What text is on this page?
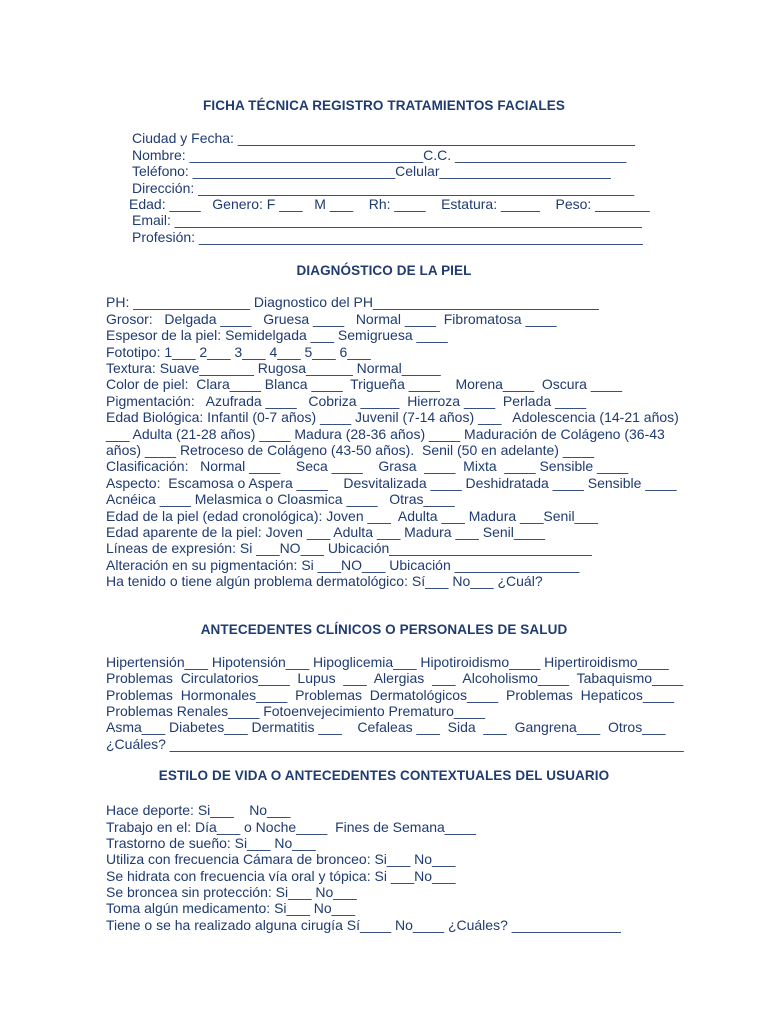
FICHA TÉCNICA REGISTRO TRATAMIENTOS FACIALES
Ciudad y Fecha: ___________________________________________________
Nombre: ______________________________C.C. ______________________
Teléfono: __________________________Celular______________________
Dirección: ________________________________________________________
Edad: ____   Genero: F ___   M ___    Rh: ____    Estatura: _____    Peso: _______
Email: ____________________________________________________________
Profesión: _________________________________________________________
DIAGNÓSTICO DE LA PIEL
PH: _______________ Diagnostico del PH_____________________________
Grosor:   Delgada ____   Gruesa ____   Normal ____  Fibromatosa ____
Espesor de la piel: Semidelgada ___ Semigruesa ____
Fototipo: 1___ 2___ 3___ 4___ 5___ 6___
Textura: Suave_______ Rugosa______ Normal_____
Color de piel:  Clara____ Blanca ____  Trigueña ____    Morena____  Oscura ____
Pigmentación:   Azufrada ____   Cobriza _____  Hierroza ____  Perlada ____
Edad Biológica: Infantil (0-7 años) ____ Juvenil (7-14 años) ___   Adolescencia (14-21 años)
___ Adulta (21-28 años) ____ Madura (28-36 años) ____ Maduración de Colágeno (36-43
años) ____ Retroceso de Colágeno (43-50 años).  Senil (50 en adelante) ____
Clasificación:   Normal ____    Seca ____    Grasa  ____  Mixta  ____ Sensible ____
Aspecto:  Escamosa o Aspera ____    Desvitalizada ____ Deshidratada ____ Sensible ____
Acnéica ____ Melasmica o Cloasmica ____   Otras____
Edad de la piel (edad cronológica): Joven ___  Adulta ___ Madura ___Senil___
Edad aparente de la piel: Joven ___ Adulta ___ Madura ___ Senil____
Líneas de expresión: Si ___NO___ Ubicación__________________________
Alteración en su pigmentación: Si ___NO___ Ubicación ________________
Ha tenido o tiene algún problema dermatológico: Sí___ No___ ¿Cuál?
ANTECEDENTES CLÍNICOS O PERSONALES DE SALUD
Hipertensión___ Hipotensión___ Hipoglicemia___ Hipotiroidismo____ Hipertiroidismo____
Problemas  Circulatorios____  Lupus  ___  Alergias  ___  Alcoholismo____  Tabaquismo____
Problemas  Hormonales____  Problemas  Dermatológicos____  Problemas  Hepaticos____
Problemas Renales____ Fotoenvejecimiento Prematuro____
Asma___ Diabetes___ Dermatitis ___    Cefaleas ___  Sida  ___  Gangrena___  Otros___
¿Cuáles? __________________________________________________________________
ESTILO DE VIDA O ANTECEDENTES CONTEXTUALES DEL USUARIO
Hace deporte: Si___    No___
Trabajo en el: Día___ o Noche____  Fines de Semana____
Trastorno de sueño: Si___ No___
Utiliza con frecuencia Cámara de bronceo: Si___ No___
Se hidrata con frecuencia vía oral y tópica: Si ___No___
Se broncea sin protección: Si___ No___
Toma algún medicamento: Si___ No___
Tiene o se ha realizado alguna cirugía Sí____ No____ ¿Cuáles? ______________
